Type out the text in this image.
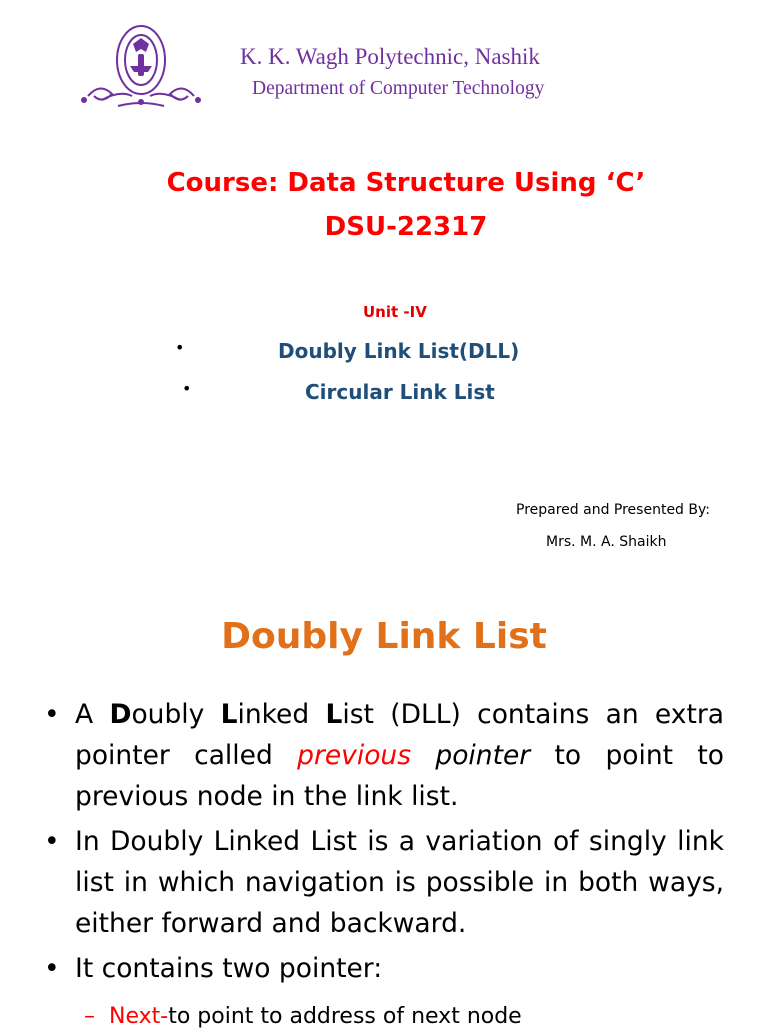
K. K. Wagh Polytechnic, Nashik
Department of Computer Technology
Course: Data Structure Using ‘C’
DSU-22317
Unit -IV
•	Doubly Link List(DLL)
•	Circular Link List
Prepared and Presented By:
Mrs. M. A. Shaikh
Doubly Link List
• A Doubly Linked List (DLL) contains an extra pointer called previous pointer to point to previous node in the link list.
• In Doubly Linked List is a variation of singly link list in which navigation is possible in both ways, either forward and backward.
• It contains two pointer:
– Next-to point to address of next node
